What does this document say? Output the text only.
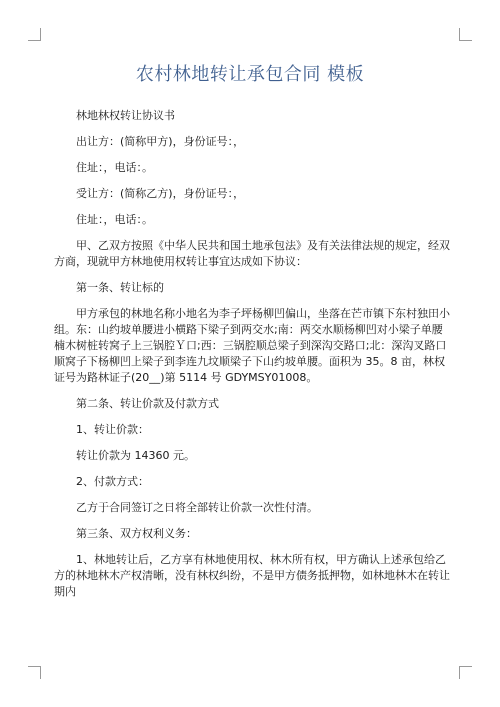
农村林地转让承包合同 模板

林地林权转让协议书

出让方：(简称甲方)，身份证号：，

住址：，电话：。

受让方：(简称乙方)，身份证号：，

住址：，电话：。

甲、乙双方按照《中华人民共和国土地承包法》及有关法律法规的规定，经双方商，现就甲方林地使用权转让事宜达成如下协议：

第一条、转让标的

甲方承包的林地名称小地名为李子坪杨柳凹偏山，坐落在芒市镇下东村独田小组。东：山约坡单腰进小横路下梁子到两交水;南：两交水顺杨柳凹对小梁子单腰楠木树桩转窝子上三锅腔Ｙ口;西：三锅腔顺总梁子到深沟交路口;北：深沟叉路口顺窝子下杨柳凹上梁子到李连九坟顺梁子下山约坡单腰。面积为 35。8 亩，林权证号为路林证子(20__)第 5114 号 GDYMSY01008。

第二条、转让价款及付款方式

1、转让价款：

转让价款为 14360 元。

2、付款方式：

乙方于合同签订之日将全部转让价款一次性付清。

第三条、双方权利义务：

1、林地转让后，乙方享有林地使用权、林木所有权，甲方确认上述承包给乙方的林地林木产权清晰，没有林权纠纷，不是甲方债务抵押物，如林地林木在转让期内
